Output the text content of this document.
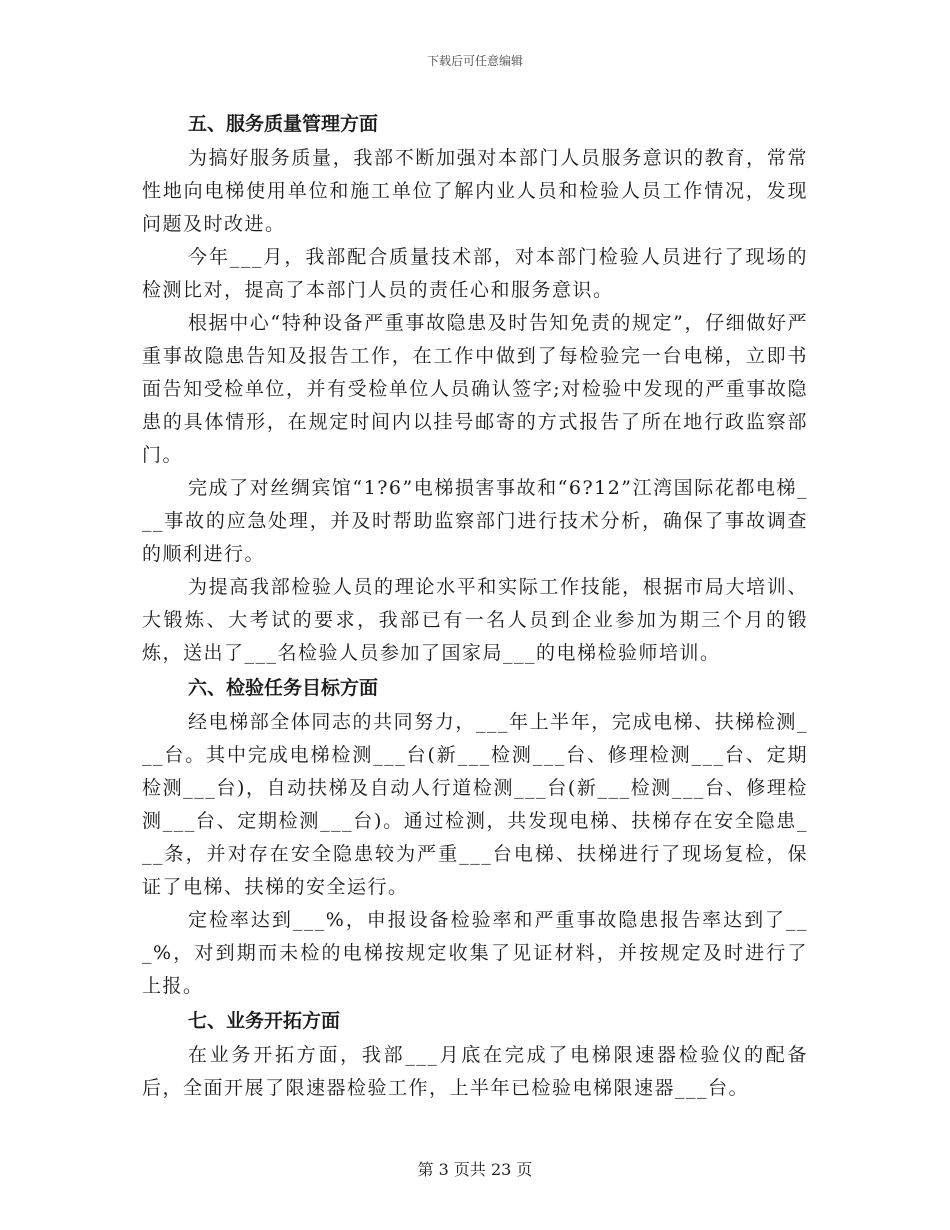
下载后可任意编辑
五、服务质量管理方面

为搞好服务质量，我部不断加强对本部门人员服务意识的教育，常常性地向电梯使用单位和施工单位了解内业人员和检验人员工作情况，发现问题及时改进。

今年___月，我部配合质量技术部，对本部门检验人员进行了现场的检测比对，提高了本部门人员的责任心和服务意识。

根据中心“特种设备严重事故隐患及时告知免责的规定”，仔细做好严重事故隐患告知及报告工作，在工作中做到了每检验完一台电梯，立即书面告知受检单位，并有受检单位人员确认签字;对检验中发现的严重事故隐患的具体情形，在规定时间内以挂号邮寄的方式报告了所在地行政监察部门。

完成了对丝绸宾馆“1?6”电梯损害事故和“6?12”江湾国际花都电梯___事故的应急处理，并及时帮助监察部门进行技术分析，确保了事故调查的顺利进行。

为提高我部检验人员的理论水平和实际工作技能，根据市局大培训、大锻炼、大考试的要求，我部已有一名人员到企业参加为期三个月的锻炼，送出了___名检验人员参加了国家局___的电梯检验师培训。

六、检验任务目标方面

经电梯部全体同志的共同努力，___年上半年，完成电梯、扶梯检测___台。其中完成电梯检测___台(新___检测___台、修理检测___台、定期检测___台)，自动扶梯及自动人行道检测___台(新___检测___台、修理检测___台、定期检测___台)。通过检测，共发现电梯、扶梯存在安全隐患___条，并对存在安全隐患较为严重___台电梯、扶梯进行了现场复检，保证了电梯、扶梯的安全运行。

定检率达到___%，申报设备检验率和严重事故隐患报告率达到了___%，对到期而未检的电梯按规定收集了见证材料，并按规定及时进行了上报。

七、业务开拓方面

在业务开拓方面，我部___月底在完成了电梯限速器检验仪的配备后，全面开展了限速器检验工作，上半年已检验电梯限速器___台。

第 3 页共 23 页
